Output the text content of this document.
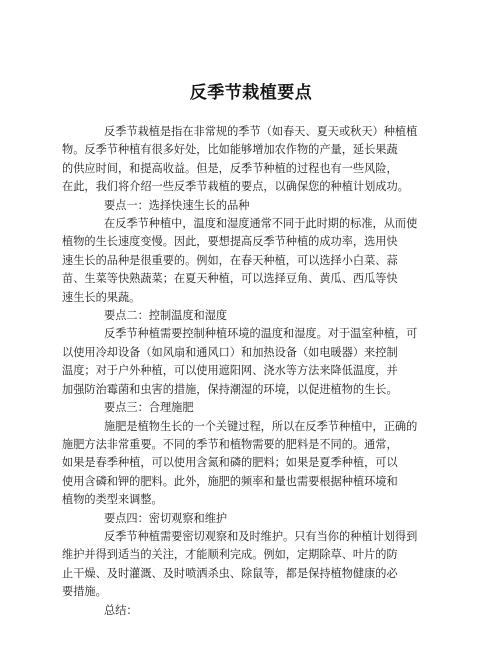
反季节栽植要点
反季节栽植是指在非常规的季节（如春天、夏天或秋天）种植植
物。反季节种植有很多好处，比如能够增加农作物的产量，延长果蔬
的供应时间，和提高收益。但是，反季节种植的过程也有一些风险，
在此，我们将介绍一些反季节栽植的要点，以确保您的种植计划成功。
要点一：选择快速生长的品种
在反季节种植中，温度和湿度通常不同于此时期的标准，从而使
植物的生长速度变慢。因此，要想提高反季节种植的成功率，选用快
速生长的品种是很重要的。例如，在春天种植，可以选择小白菜、蒜
苗、生菜等快熟蔬菜；在夏天种植，可以选择豆角、黄瓜、西瓜等快
速生长的果蔬。
要点二：控制温度和湿度
反季节种植需要控制种植环境的温度和湿度。对于温室种植，可
以使用冷却设备（如风扇和通风口）和加热设备（如电暖器）来控制
温度；对于户外种植，可以使用遮阳网、浇水等方法来降低温度，并
加强防治霉菌和虫害的措施，保持潮湿的环境，以促进植物的生长。
要点三：合理施肥
施肥是植物生长的一个关键过程，所以在反季节种植中，正确的
施肥方法非常重要。不同的季节和植物需要的肥料是不同的。通常，
如果是春季种植，可以使用含氮和磷的肥料；如果是夏季种植，可以
使用含磷和钾的肥料。此外，施肥的频率和量也需要根据种植环境和
植物的类型来调整。
要点四：密切观察和维护
反季节种植需要密切观察和及时维护。只有当你的种植计划得到
维护并得到适当的关注，才能顺利完成。例如，定期除草、叶片的防
止干燥、及时灌溉、及时喷洒杀虫、除鼠等，都是保持植物健康的必
要措施。
总结：
